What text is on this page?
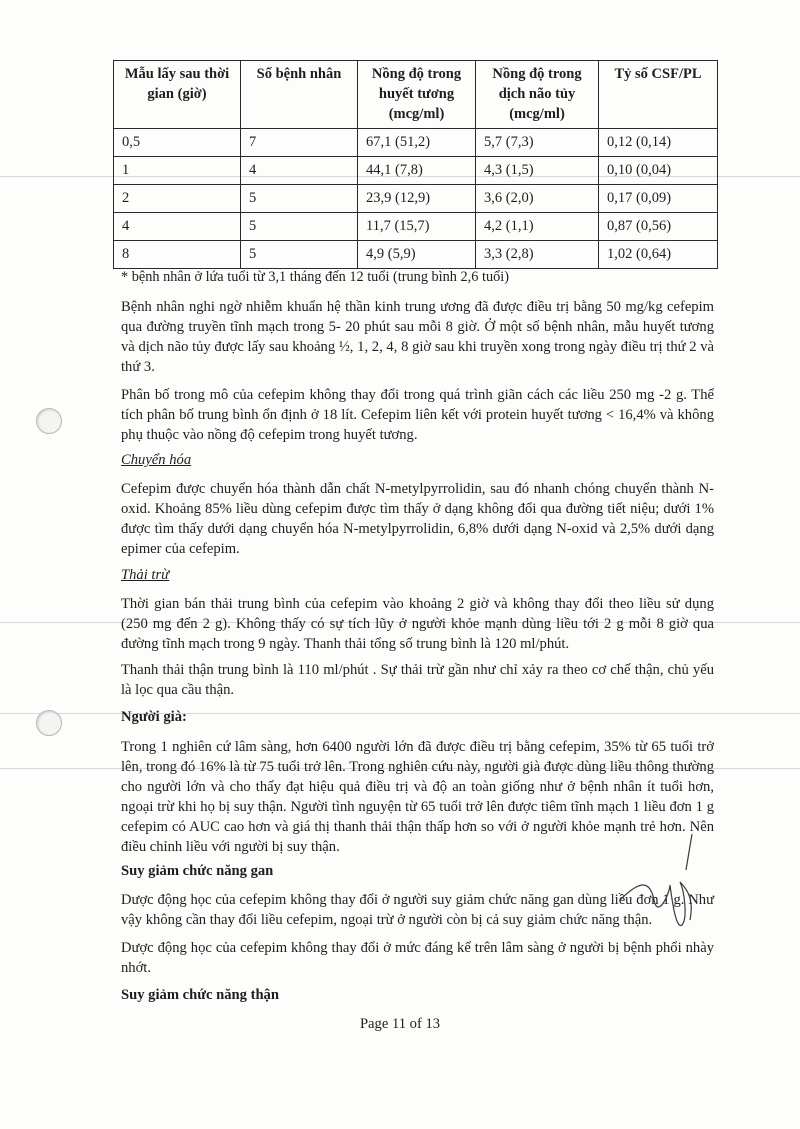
Mẫu lấy sau thời gian (giờ)	Số bệnh nhân	Nồng độ trong huyết tương (mcg/ml)	Nồng độ trong dịch não tủy (mcg/ml)	Tỷ số CSF/PL
0,5	7	67,1 (51,2)	5,7 (7,3)	0,12 (0,14)
1	4	44,1 (7,8)	4,3 (1,5)	0,10 (0,04)
2	5	23,9 (12,9)	3,6 (2,0)	0,17 (0,09)
4	5	11,7 (15,7)	4,2 (1,1)	0,87 (0,56)
8	5	4,9 (5,9)	3,3 (2,8)	1,02 (0,64)
* bệnh nhân ở lứa tuổi từ 3,1 tháng đến 12 tuổi (trung bình 2,6 tuổi)
Bệnh nhân nghi ngờ nhiễm khuẩn hệ thần kinh trung ương đã được điều trị bằng 50 mg/kg cefepim qua đường truyền tĩnh mạch trong 5- 20 phút sau mỗi 8 giờ. Ở một số bệnh nhân, mẫu huyết tương và dịch não tủy được lấy sau khoảng ½, 1, 2, 4, 8 giờ sau khi truyền xong trong ngày điều trị thứ 2 và thứ 3.
Phân bố trong mô của cefepim không thay đổi trong quá trình giãn cách các liều 250 mg -2 g. Thể tích phân bố trung bình ổn định ở 18 lít. Cefepim liên kết với protein huyết tương < 16,4% và không phụ thuộc vào nồng độ cefepim trong huyết tương.
Chuyển hóa
Cefepim được chuyển hóa thành dẫn chất N-metylpyrrolidin, sau đó nhanh chóng chuyển thành N-oxid. Khoảng 85% liều dùng cefepim được tìm thấy ở dạng không đổi qua đường tiết niệu; dưới 1% được tìm thấy dưới dạng chuyển hóa N-metylpyrrolidin, 6,8% dưới dạng N-oxid và 2,5% dưới dạng epimer của cefepim.
Thải trừ
Thời gian bán thải trung bình của cefepim vào khoảng 2 giờ và không thay đổi theo liều sử dụng (250 mg đến 2 g). Không thấy có sự tích lũy ở người khỏe mạnh dùng liều tới 2 g mỗi 8 giờ qua đường tĩnh mạch trong 9 ngày. Thanh thải tổng số trung bình là 120 ml/phút.
Thanh thải thận trung bình là 110 ml/phút . Sự thải trừ gần như chỉ xảy ra theo cơ chế thận, chủ yếu là lọc qua cầu thận.
Người già:
Trong 1 nghiên cứ lâm sàng, hơn 6400 người lớn đã được điều trị bằng cefepim, 35% từ 65 tuổi trở lên, trong đó 16% là từ 75 tuổi trở lên. Trong nghiên cứu này, người già được dùng liều thông thường cho người lớn và cho thấy đạt hiệu quả điều trị và độ an toàn giống như ở bệnh nhân ít tuổi hơn, ngoại trừ khi họ bị suy thận. Người tình nguyện từ 65 tuổi trở lên được tiêm tĩnh mạch 1 liều đơn 1 g cefepim có AUC cao hơn và giá thị thanh thải thận thấp hơn so với ở người khỏe mạnh trẻ hơn. Nên điều chỉnh liều với người bị suy thận.
Suy giảm chức năng gan
Dược động học của cefepim không thay đổi ở người suy giảm chức năng gan dùng liều đơn 1 g. Như vậy không cần thay đổi liều cefepim, ngoại trừ ở người còn bị cả suy giảm chức năng thận.
Dược động học của cefepim không thay đổi ở mức đáng kể trên lâm sàng ở người bị bệnh phổi nhày nhớt.
Suy giảm chức năng thận
Page 11 of 13
